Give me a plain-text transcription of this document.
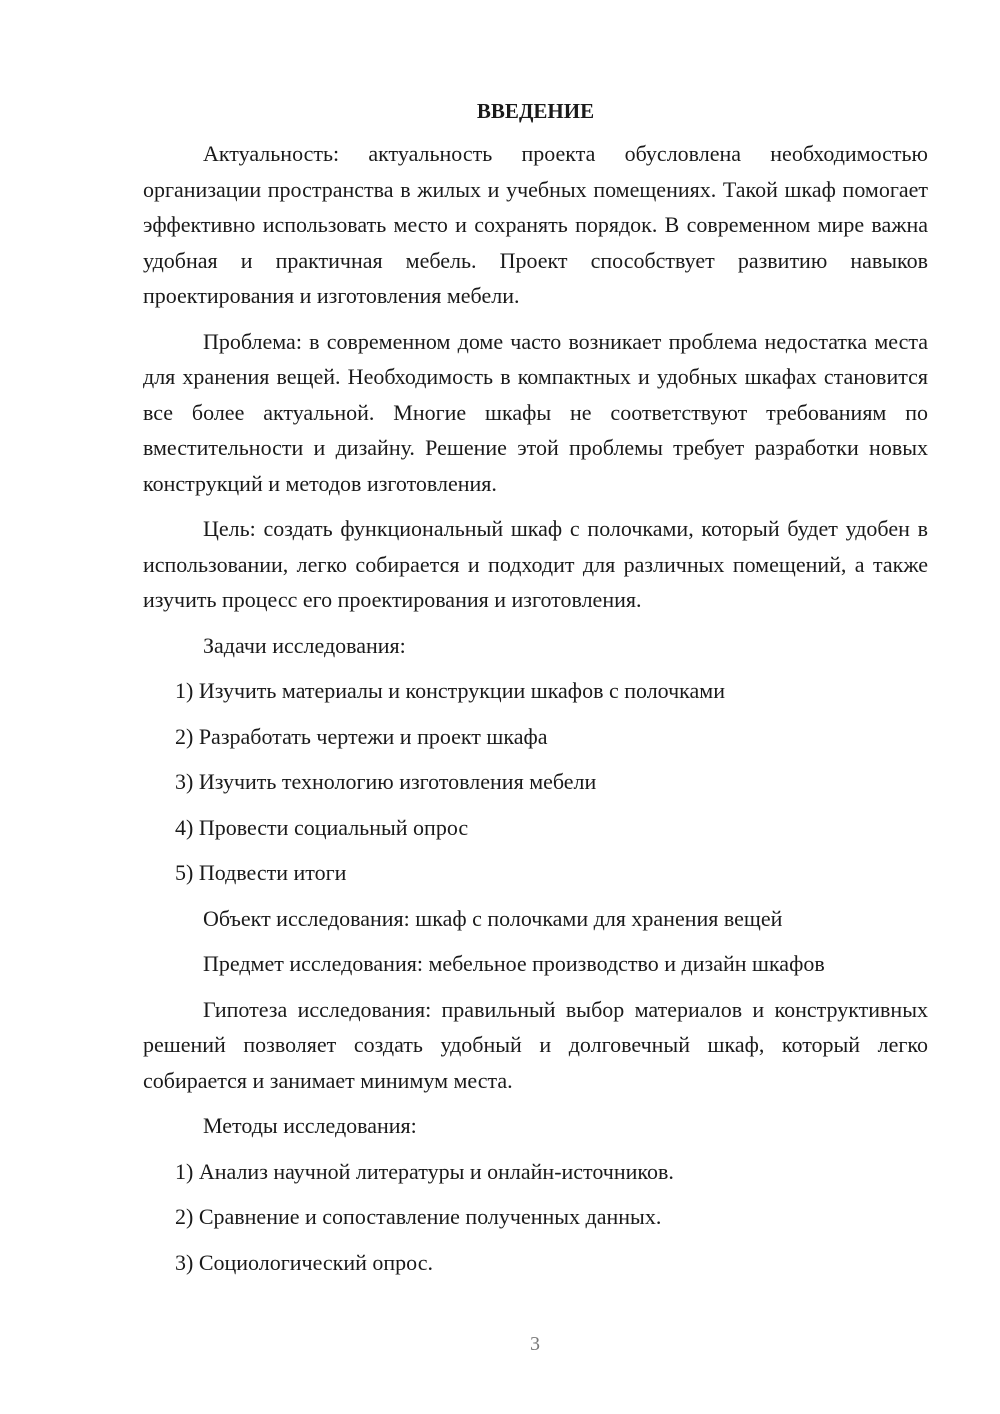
ВВЕДЕНИЕ

Актуальность: актуальность проекта обусловлена необходимостью организации пространства в жилых и учебных помещениях. Такой шкаф помогает эффективно использовать место и сохранять порядок. В современном мире важна удобная и практичная мебель. Проект способствует развитию навыков проектирования и изготовления мебели.

Проблема: в современном доме часто возникает проблема недостатка места для хранения вещей. Необходимость в компактных и удобных шкафах становится все более актуальной. Многие шкафы не соответствуют требованиям по вместительности и дизайну. Решение этой проблемы требует разработки новых конструкций и методов изготовления.

Цель: создать функциональный шкаф с полочками, который будет удобен в использовании, легко собирается и подходит для различных помещений, а также изучить процесс его проектирования и изготовления.

Задачи исследования:
1) Изучить материалы и конструкции шкафов с полочками
2) Разработать чертежи и проект шкафа
3) Изучить технологию изготовления мебели
4) Провести социальный опрос
5) Подвести итоги
Объект исследования: шкаф с полочками для хранения вещей
Предмет исследования: мебельное производство и дизайн шкафов

Гипотеза исследования: правильный выбор материалов и конструктивных решений позволяет создать удобный и долговечный шкаф, который легко собирается и занимает минимум места.

Методы исследования:
1) Анализ научной литературы и онлайн-источников.
2) Сравнение и сопоставление полученных данных.
3) Социологический опрос.
3
